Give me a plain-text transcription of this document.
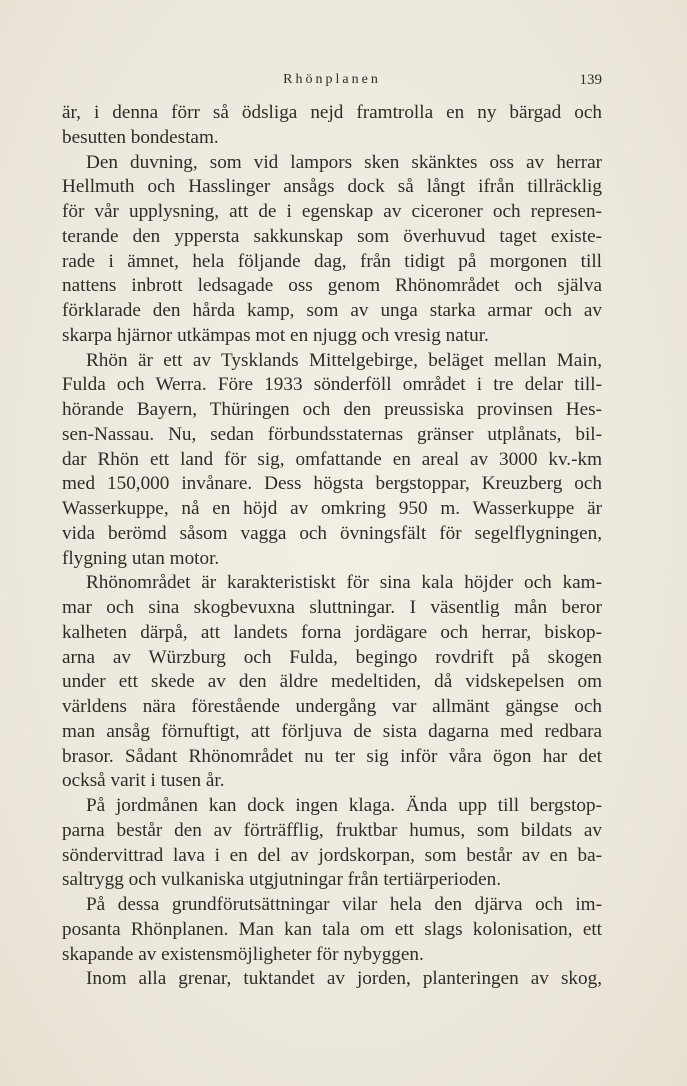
Rhönplanen	139
är, i denna förr så ödsliga nejd framtrolla en ny bärgad och
besutten bondestam.
Den duvning, som vid lampors sken skänktes oss av herrar
Hellmuth och Hasslinger ansågs dock så långt ifrån tillräcklig
för vår upplysning, att de i egenskap av ciceroner och represen-
terande den yppersta sakkunskap som överhuvud taget existe-
rade i ämnet, hela följande dag, från tidigt på morgonen till
nattens inbrott ledsagade oss genom Rhönområdet och själva
förklarade den hårda kamp, som av unga starka armar och av
skarpa hjärnor utkämpas mot en njugg och vresig natur.
Rhön är ett av Tysklands Mittelgebirge, beläget mellan Main,
Fulda och Werra. Före 1933 sönderföll området i tre delar till-
hörande Bayern, Thüringen och den preussiska provinsen Hes-
sen-Nassau. Nu, sedan förbundsstaternas gränser utplånats, bil-
dar Rhön ett land för sig, omfattande en areal av 3000 kv.-km
med 150,000 invånare. Dess högsta bergstoppar, Kreuzberg och
Wasserkuppe, nå en höjd av omkring 950 m. Wasserkuppe är
vida berömd såsom vagga och övningsfält för segelflygningen,
flygning utan motor.
Rhönområdet är karakteristiskt för sina kala höjder och kam-
mar och sina skogbevuxna sluttningar. I väsentlig mån beror
kalheten därpå, att landets forna jordägare och herrar, biskop-
arna av Würzburg och Fulda, begingo rovdrift på skogen
under ett skede av den äldre medeltiden, då vidskepelsen om
världens nära förestående undergång var allmänt gängse och
man ansåg förnuftigt, att förljuva de sista dagarna med redbara
brasor. Sådant Rhönområdet nu ter sig inför våra ögon har det
också varit i tusen år.
På jordmånen kan dock ingen klaga. Ända upp till bergstop-
parna består den av förträfflig, fruktbar humus, som bildats av
söndervittrad lava i en del av jordskorpan, som består av en ba-
saltrygg och vulkaniska utgjutningar från tertiärperioden.
På dessa grundförutsättningar vilar hela den djärva och im-
posanta Rhönplanen. Man kan tala om ett slags kolonisation, ett
skapande av existensmöjligheter för nybyggen.
Inom alla grenar, tuktandet av jorden, planteringen av skog,
